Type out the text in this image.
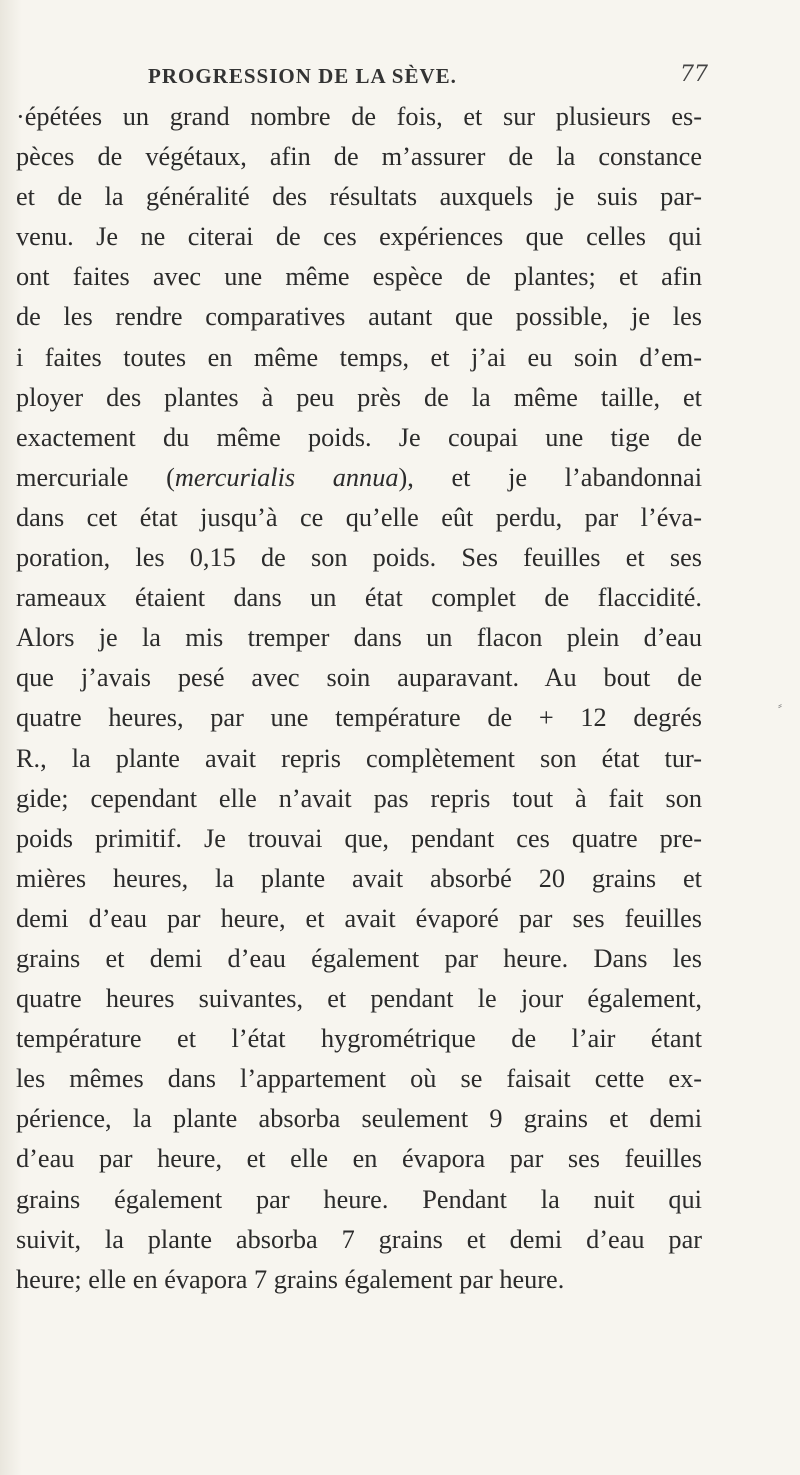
PROGRESSION DE LA SÈVE.	77
·épétées un grand nombre de fois, et sur plusieurs es-
pèces de végétaux, afin de m’assurer de la constance
et de la généralité des résultats auxquels je suis par-
venu. Je ne citerai de ces expériences que celles qui
ont faites avec une même espèce de plantes; et afin
de les rendre comparatives autant que possible, je les
i faites toutes en même temps, et j’ai eu soin d’em-
ployer des plantes à peu près de la même taille, et
exactement du même poids. Je coupai une tige de
mercuriale (mercurialis annua), et je l’abandonnai
dans cet état jusqu’à ce qu’elle eût perdu, par l’éva-
poration, les 0,15 de son poids. Ses feuilles et ses
rameaux étaient dans un état complet de flaccidité.
Alors je la mis tremper dans un flacon plein d’eau
que j’avais pesé avec soin auparavant. Au bout de
quatre heures, par une température de + 12 degrés
R., la plante avait repris complètement son état tur-
gide; cependant elle n’avait pas repris tout à fait son
poids primitif. Je trouvai que, pendant ces quatre pre-
mières heures, la plante avait absorbé 20 grains et
demi d’eau par heure, et avait évaporé par ses feuilles
grains et demi d’eau également par heure. Dans les
quatre heures suivantes, et pendant le jour également,
température et l’état hygrométrique de l’air étant
les mêmes dans l’appartement où se faisait cette ex-
périence, la plante absorba seulement 9 grains et demi
d’eau par heure, et elle en évapora par ses feuilles
grains également par heure. Pendant la nuit qui
suivit, la plante absorba 7 grains et demi d’eau par
heure; elle en évapora 7 grains également par heure.
⸗
